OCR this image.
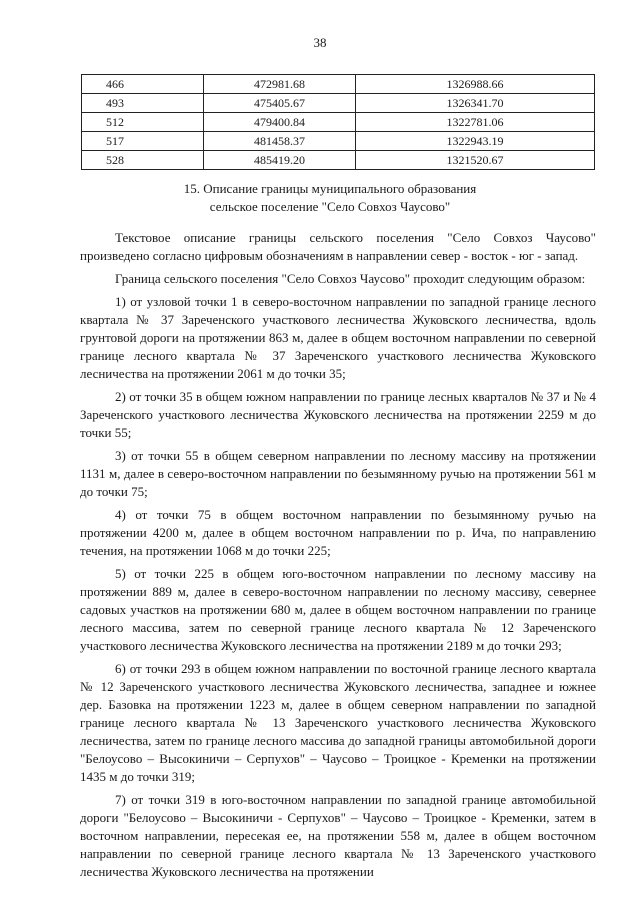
38
466	472981.68	1326988.66
493	475405.67	1326341.70
512	479400.84	1322781.06
517	481458.37	1322943.19
528	485419.20	1321520.67
15. Описание границы муниципального образования
сельское поселение "Село Совхоз Чаусово"

Текстовое описание границы сельского поселения "Село Совхоз Чаусово" произведено согласно цифровым обозначениям в направлении север - восток - юг - запад.

Граница сельского поселения "Село Совхоз Чаусово" проходит следующим образом:

1) от узловой точки 1 в северо-восточном направлении по западной границе лесного квартала № 37 Зареченского участкового лесничества Жуковского лесничества, вдоль грунтовой дороги на протяжении 863 м, далее в общем восточном направлении по северной границе лесного квартала № 37 Зареченского участкового лесничества Жуковского лесничества на протяжении 2061 м до точки 35;

2) от точки 35 в общем южном направлении по границе лесных кварталов № 37 и № 4 Зареченского участкового лесничества Жуковского лесничества на протяжении 2259 м до точки 55;

3) от точки 55 в общем северном направлении по лесному массиву на протяжении 1131 м, далее в северо-восточном направлении по безымянному ручью на протяжении 561 м до точки 75;

4) от точки 75 в общем восточном направлении по безымянному ручью на протяжении 4200 м, далее в общем восточном направлении по р. Ича, по направлению течения, на протяжении 1068 м до точки 225;

5) от точки 225 в общем юго-восточном направлении по лесному массиву на протяжении 889 м, далее в северо-восточном направлении по лесному массиву, севернее садовых участков на протяжении 680 м, далее в общем восточном направлении по границе лесного массива, затем по северной границе лесного квартала № 12 Зареченского участкового лесничества Жуковского лесничества на протяжении 2189 м до точки 293;

6) от точки 293 в общем южном направлении по восточной границе лесного квартала № 12 Зареченского участкового лесничества Жуковского лесничества, западнее и южнее дер. Базовка на протяжении 1223 м, далее в общем северном направлении по западной границе лесного квартала № 13 Зареченского участкового лесничества Жуковского лесничества, затем по границе лесного массива до западной границы автомобильной дороги "Белоусово – Высокиничи – Серпухов" – Чаусово – Троицкое - Кременки на протяжении 1435 м до точки 319;

7) от точки 319 в юго-восточном направлении по западной границе автомобильной дороги "Белоусово – Высокиничи - Серпухов" – Чаусово – Троицкое - Кременки, затем в восточном направлении, пересекая ее, на протяжении 558 м, далее в общем восточном направлении по северной границе лесного квартала № 13 Зареченского участкового лесничества Жуковского лесничества на протяжении
